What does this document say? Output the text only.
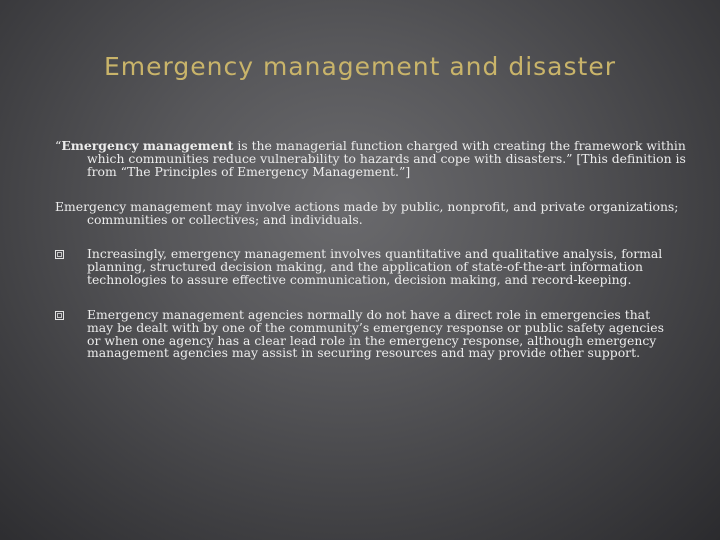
Emergency management and disaster

“Emergency management is the managerial function charged with creating the framework within which communities reduce vulnerability to hazards and cope with disasters.” [This definition is from “The Principles of Emergency Management.”]

Emergency management may involve actions made by public, nonprofit, and private organizations; communities or collectives; and individuals.

Increasingly, emergency management involves quantitative and qualitative analysis, formal planning, structured decision making, and the application of state-of-the-art information technologies to assure effective communication, decision making, and record-keeping.

Emergency management agencies normally do not have a direct role in emergencies that may be dealt with by one of the community’s emergency response or public safety agencies or when one agency has a clear lead role in the emergency response, although emergency management agencies may assist in securing resources and may provide other support.
